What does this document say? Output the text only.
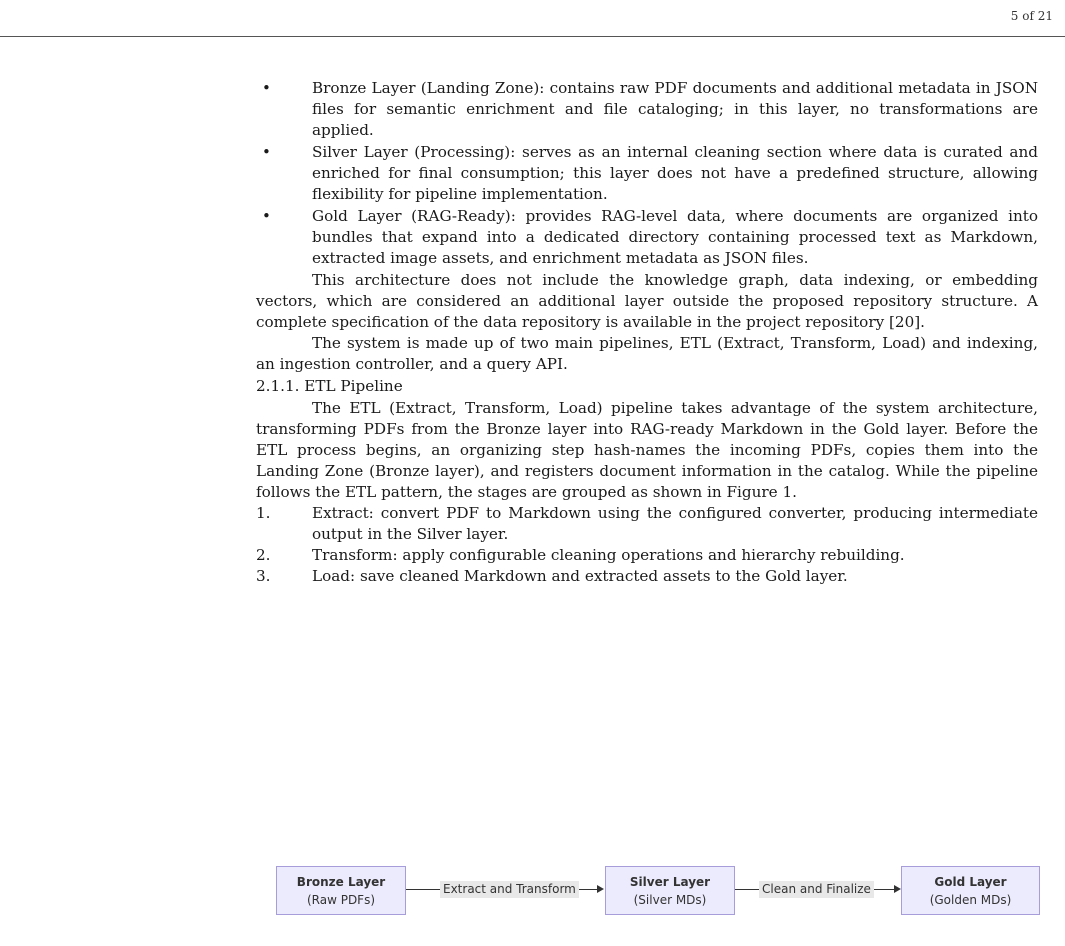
5 of 21
•	Bronze Layer (Landing Zone): contains raw PDF documents and additional metadata in JSON files for semantic enrichment and file cataloging; in this layer, no transformations are applied.
•	Silver Layer (Processing): serves as an internal cleaning section where data is curated and enriched for final consumption; this layer does not have a predefined structure, allowing flexibility for pipeline implementation.
•	Gold Layer (RAG-Ready): provides RAG-level data, where documents are organized into bundles that expand into a dedicated directory containing processed text as Markdown, extracted image assets, and enrichment metadata as JSON files.

This architecture does not include the knowledge graph, data indexing, or embedding vectors, which are considered an additional layer outside the proposed repository structure. A complete specification of the data repository is available in the project repository [20].

The system is made up of two main pipelines, ETL (Extract, Transform, Load) and indexing, an ingestion controller, and a query API.

2.1.1. ETL Pipeline

The ETL (Extract, Transform, Load) pipeline takes advantage of the system architecture, transforming PDFs from the Bronze layer into RAG-ready Markdown in the Gold layer. Before the ETL process begins, an organizing step hash-names the incoming PDFs, copies them into the Landing Zone (Bronze layer), and registers document information in the catalog. While the pipeline follows the ETL pattern, the stages are grouped as shown in Figure 1.

1.	Extract: convert PDF to Markdown using the configured converter, producing intermediate output in the Silver layer.
2.	Transform: apply configurable cleaning operations and hierarchy rebuilding.
3.	Load: save cleaned Markdown and extracted assets to the Gold layer.
Bronze Layer
(Raw PDFs)
Extract and Transform
Silver Layer
(Silver MDs)
Clean and Finalize
Gold Layer
(Golden MDs)
